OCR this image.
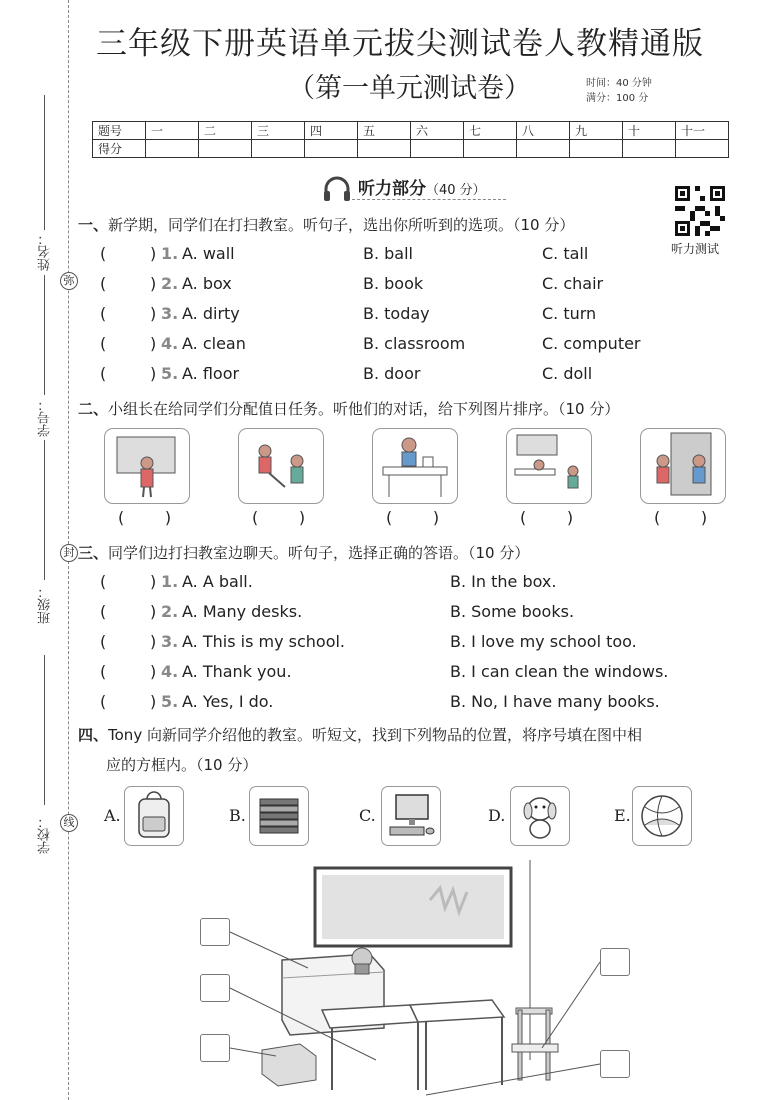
姓名：
学号：
班级：
学校：
弥
封
线
三年级下册英语单元拔尖测试卷人教精通版
（第一单元测试卷）	时间：40 分钟
满分：100 分
题号	一	二	三	四	五	六	七	八	九	十	十一
得分											
听力部分（40 分）
听力测试
一、新学期，同学们在打扫教室。听句子，选出你所听到的选项。（10 分）
(	) 1. A. wall	B. ball	C. tall
(	) 2. A. box	B. book	C. chair
(	) 3. A. dirty	B. today	C. turn
(	) 4. A. clean	B. classroom	C. computer
(	) 5. A. floor	B. door	C. doll
二、小组长在给同学们分配值日任务。听他们的对话，给下列图片排序。（10 分）
(        )	(        )	(        )	(        )	(        )
三、同学们边打扫教室边聊天。听句子，选择正确的答语。（10 分）
(	) 1. A. A ball.	B. In the box.
(	) 2. A. Many desks.	B. Some books.
(	) 3. A. This is my school.	B. I love my school too.
(	) 4. A. Thank you.	B. I can clean the windows.
(	) 5. A. Yes, I do.	B. No, I have many books.
四、Tony 向新同学介绍他的教室。听短文，找到下列物品的位置，将序号填在图中相
应的方框内。（10 分）
A.	B.	C.	D.	E.
